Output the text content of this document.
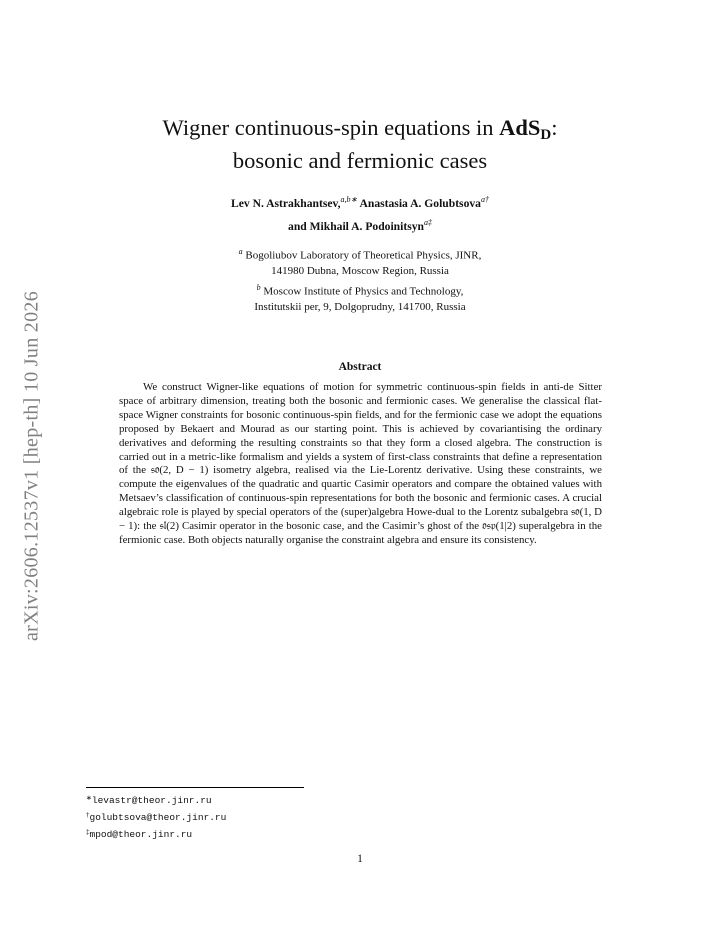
arXiv:2606.12537v1 [hep-th] 10 Jun 2026
Wigner continuous-spin equations in AdSD:
bosonic and fermionic cases
Lev N. Astrakhantsev,$^{a,b∗}$ Anastasia A. Golubtsova$^{a\dagger}$
and Mikhail A. Podoinitsyn$^{a\ddagger}$
$^a$ Bogoliubov Laboratory of Theoretical Physics, JINR,
141980 Dubna, Moscow Region, Russia
$^b$ Moscow Institute of Physics and Technology,
Institutskii per, 9, Dolgoprudny, 141700, Russia
Abstract

We construct Wigner-like equations of motion for symmetric continuous-spin fields in anti-de Sitter space of arbitrary dimension, treating both the bosonic and fermionic cases. We generalise the classical flat-space Wigner constraints for bosonic continuous-spin fields, and for the fermionic case we adopt the equations proposed by Bekaert and Mourad as our starting point. This is achieved by covariantising the ordinary derivatives and deforming the resulting constraints so that they form a closed algebra. The construction is carried out in a metric-like formalism and yields a system of first-class constraints that define a representation of the 𝔰𝔬(2, D − 1) isometry algebra, realised via the Lie-Lorentz derivative. Using these constraints, we compute the eigenvalues of the quadratic and quartic Casimir operators and compare the obtained values with Metsaev’s classification of continuous-spin representations for both the bosonic and fermionic cases. A crucial algebraic role is played by special operators of the (super)algebra Howe-dual to the Lorentz subalgebra 𝔰𝔬(1, D − 1): the 𝔰𝔩(2) Casimir operator in the bosonic case, and the Casimir’s ghost of the 𝔬𝔰𝔭(1|2) superalgebra in the fermionic case. Both objects naturally organise the constraint algebra and ensure its consistency.

∗levastr@theor.jinr.ru
†golubtsova@theor.jinr.ru
‡mpod@theor.jinr.ru
1
